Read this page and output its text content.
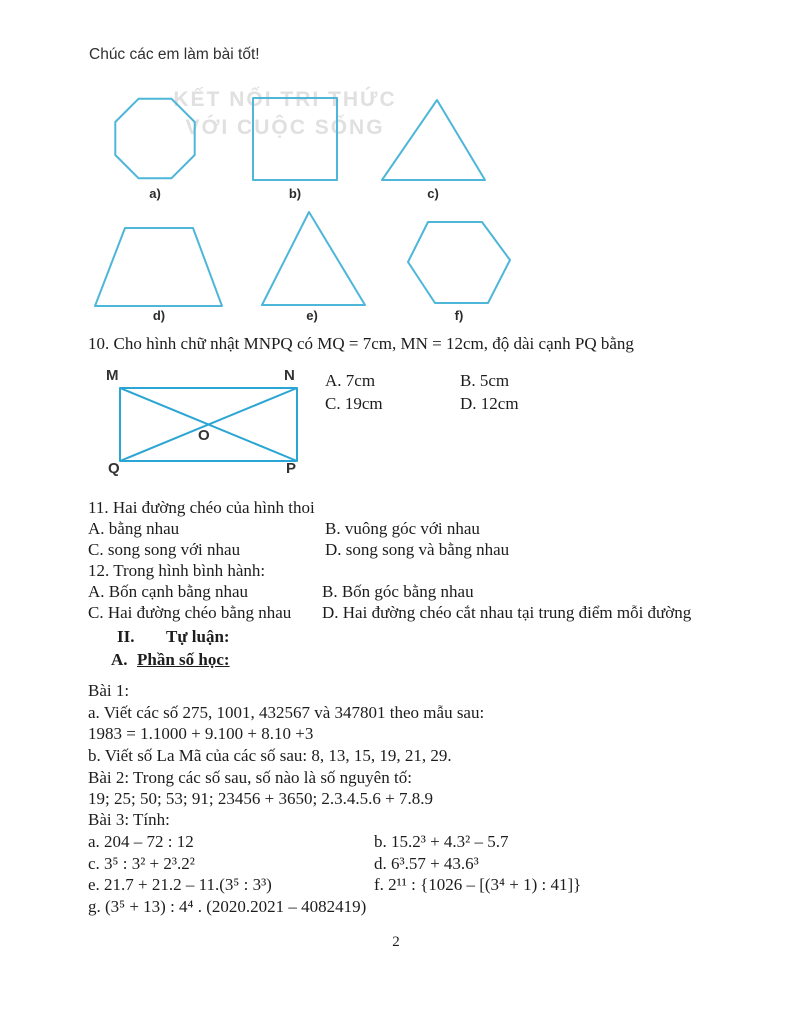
Chúc các em làm bài tốt!
KẾT NỐI TRI THỨC
VỚI CUỘC SỐNG
a)	b)	c)
d)	e)	f)
10. Cho hình chữ nhật MNPQ có MQ = 7cm, MN = 12cm, độ dài cạnh PQ bằng
M	N
Q	P
O
A. 7cm	B. 5cm
C. 19cm	D. 12cm
11. Hai đường chéo của hình thoi
A. bằng nhau	B. vuông góc với nhau
C. song song với nhau	D. song song và bằng nhau
12. Trong hình bình hành:
A. Bốn cạnh bằng nhau	B. Bốn góc bằng nhau
C. Hai đường chéo bằng nhau D. Hai đường chéo cắt nhau tại trung điểm mỗi đường
II. Tự luận:
A. Phần số học:
Bài 1:
a. Viết các số 275, 1001, 432567 và 347801 theo mẫu sau:
1983 = 1.1000 + 9.100 + 8.10 +3
b. Viết số La Mã của các số sau: 8, 13, 15, 19, 21, 29.
Bài 2: Trong các số sau, số nào là số nguyên tố:
19; 25; 50; 53; 91; 23456 + 3650; 2.3.4.5.6 + 7.8.9
Bài 3: Tính:
a. 204 – 72 : 12	b. 15.2³ + 4.3² – 5.7
c. 3⁵ : 3² + 2³.2²	d. 6³.57 + 43.6³
e. 21.7 + 21.2 – 11.(3⁵ : 3³)	f. 2¹¹ : {1026 – [(3⁴ + 1) : 41]}
g. (3⁵ + 13) : 4⁴ . (2020.2021 – 4082419)
2
